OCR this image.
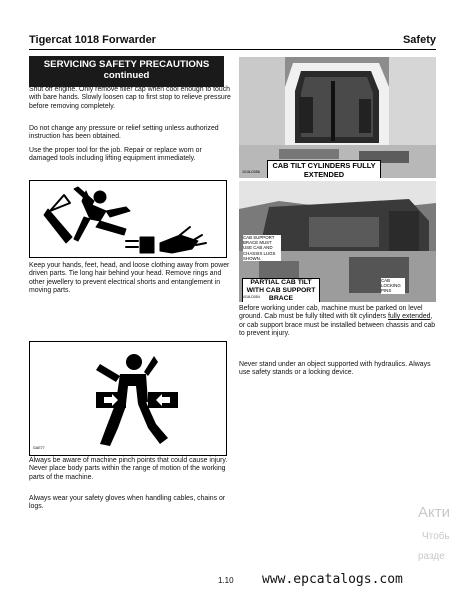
Tigercat 1018 Forwarder	Safety
SERVICING SAFETY PRECAUTIONS
continued
Shut off engine. Only remove filler cap when cool enough to touch with bare hands. Slowly loosen cap to first stop to relieve pressure before removing completely.
Do not change any pressure or relief setting unless authorized instruction has been obtained.
Use the proper tool for the job. Repair or replace worn or damaged tools including lifting equipment immediately.
Keep your hands, feet, head, and loose clothing away from power driven parts. Tie long hair behind your head. Remove rings and other jewellery to prevent electrical shorts and entanglement in moving parts.
GAE77
Always be aware of machine pinch points that could cause injury. Never place body parts within the range of motion of the working parts of the machine.
Always wear your safety gloves when handling cables, chains or logs.
CAB TILT CYLINDERS FULLY EXTENDED
1018-D056
CAB SUPPORT BRACE MUST USE CAB AND CHASSIS LUGS SHOWN.
CAB LOCKING PINS
PARTIAL CAB TILT WITH CAB SUPPORT BRACE
1018-D054
Before working under cab, machine must be parked on level ground. Cab must be fully tilted with tilt cylinders fully extended, or cab support brace must be installed between chassis and cab to prevent injury.
Never stand under an object supported with hydraulics. Always use safety stands or a locking device.
1.10 www.epcatalogs.com
Акти
Чтобь
разде
